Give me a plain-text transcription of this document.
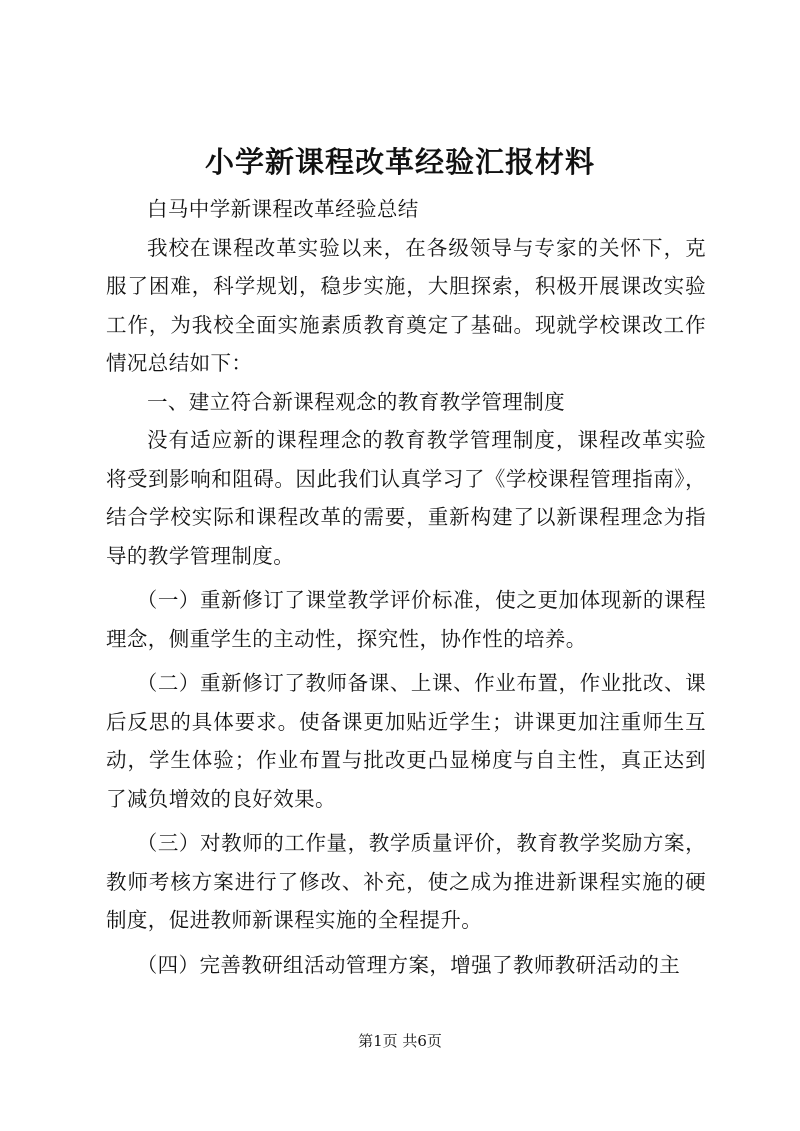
小学新课程改革经验汇报材料

白马中学新课程改革经验总结

我校在课程改革实验以来，在各级领导与专家的关怀下，克服了困难，科学规划，稳步实施，大胆探索，积极开展课改实验工作，为我校全面实施素质教育奠定了基础。现就学校课改工作情况总结如下：

一、建立符合新课程观念的教育教学管理制度

没有适应新的课程理念的教育教学管理制度，课程改革实验将受到影响和阻碍。因此我们认真学习了《学校课程管理指南》，结合学校实际和课程改革的需要，重新构建了以新课程理念为指导的教学管理制度。

（一）重新修订了课堂教学评价标准，使之更加体现新的课程理念，侧重学生的主动性，探究性，协作性的培养。

（二）重新修订了教师备课、上课、作业布置，作业批改、课后反思的具体要求。使备课更加贴近学生；讲课更加注重师生互动，学生体验；作业布置与批改更凸显梯度与自主性，真正达到了减负增效的良好效果。

（三）对教师的工作量，教学质量评价，教育教学奖励方案，教师考核方案进行了修改、补充，使之成为推进新课程实施的硬制度，促进教师新课程实施的全程提升。

（四）完善教研组活动管理方案，增强了教师教研活动的主

第1页 共6页
